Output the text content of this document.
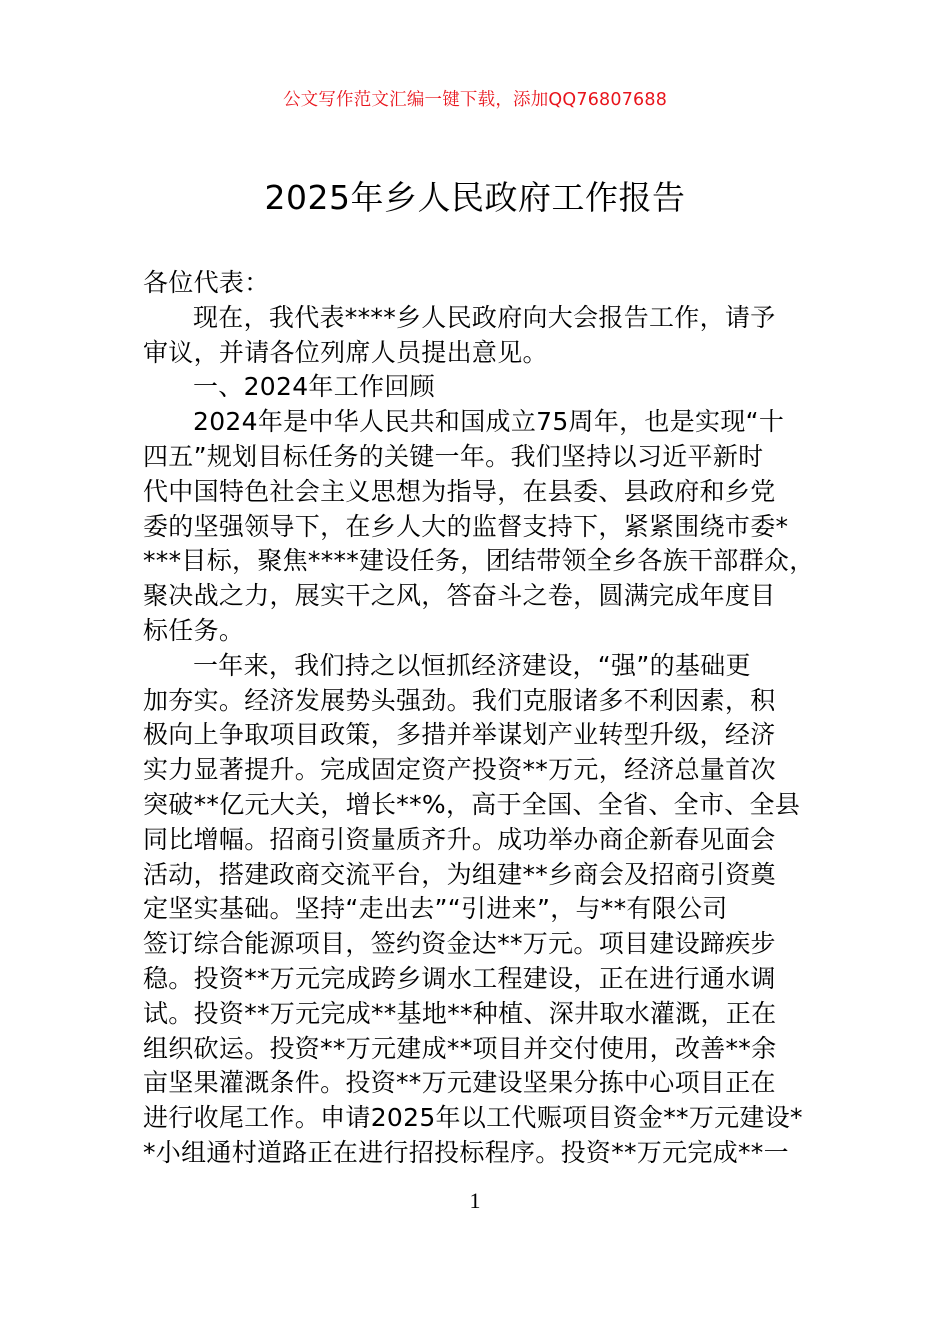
公文写作范文汇编一键下载，添加QQ76807688
2025年乡人民政府工作报告
各位代表：
现在，我代表****乡人民政府向大会报告工作，请予
审议，并请各位列席人员提出意见。
一、2024年工作回顾
2024年是中华人民共和国成立75周年，也是实现“十
四五”规划目标任务的关键一年。我们坚持以习近平新时
代中国特色社会主义思想为指导，在县委、县政府和乡党
委的坚强领导下，在乡人大的监督支持下，紧紧围绕市委*
***目标，聚焦****建设任务，团结带领全乡各族干部群众，
聚决战之力，展实干之风，答奋斗之卷，圆满完成年度目
标任务。
一年来，我们持之以恒抓经济建设，“强”的基础更
加夯实。经济发展势头强劲。我们克服诸多不利因素，积
极向上争取项目政策，多措并举谋划产业转型升级，经济
实力显著提升。完成固定资产投资**万元，经济总量首次
突破**亿元大关，增长**%，高于全国、全省、全市、全县
同比增幅。招商引资量质齐升。成功举办商企新春见面会
活动，搭建政商交流平台，为组建**乡商会及招商引资奠
定坚实基础。坚持“走出去”“引进来”，与**有限公司
签订综合能源项目，签约资金达**万元。项目建设蹄疾步
稳。投资**万元完成跨乡调水工程建设，正在进行通水调
试。投资**万元完成**基地**种植、深井取水灌溉，正在
组织砍运。投资**万元建成**项目并交付使用，改善**余
亩坚果灌溉条件。投资**万元建设坚果分拣中心项目正在
进行收尾工作。申请2025年以工代赈项目资金**万元建设*
*小组通村道路正在进行招投标程序。投资**万元完成**一
1
